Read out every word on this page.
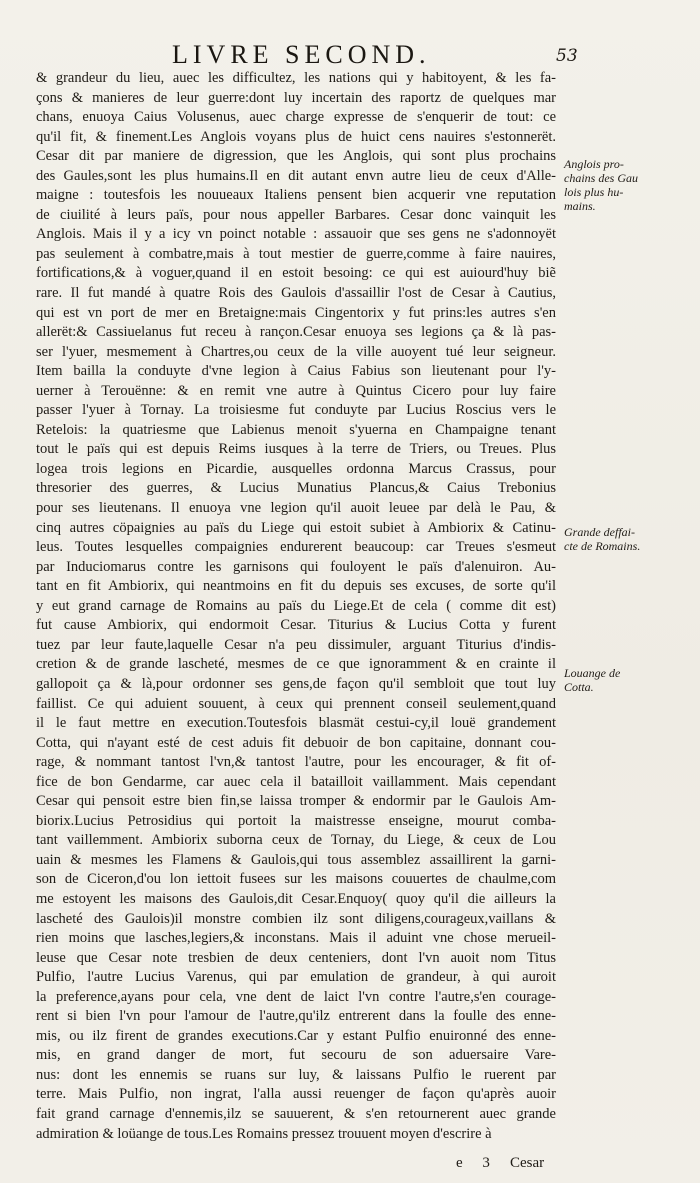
LIVRE SECOND.	53
& grandeur du lieu, auec les difficultez, les nations qui y habitoyent, & les fa-
çons & manieres de leur guerre:dont luy incertain des raportz de quelques mar
chans, enuoya Caius Volusenus, auec charge expresse de s'enquerir de tout: ce
qu'il fit, & finement.Les Anglois voyans plus de huict cens nauires s'estonnerët.
Cesar dit par maniere de digression, que les Anglois, qui sont plus prochains
des Gaules,sont les plus humains.Il en dit autant envn autre lieu de ceux d'Alle-
maigne : toutesfois les nouueaux Italiens pensent bien acquerir vne reputation
de ciuilité à leurs païs, pour nous appeller Barbares. Cesar donc vainquit les
Anglois. Mais il y a icy vn poinct notable : assauoir que ses gens ne s'adonnoyët
pas seulement à combatre,mais à tout mestier de guerre,comme à faire nauires,
fortifications,& à voguer,quand il en estoit besoing: ce qui est auiourd'huy biẽ
rare. Il fut mandé à quatre Rois des Gaulois d'assaillir l'ost de Cesar à Cautius,
qui est vn port de mer en Bretaigne:mais Cingentorix y fut prins:les autres s'en
allerët:& Cassiuelanus fut receu à rançon.Cesar enuoya ses legions ça & là pas-
ser l'yuer, mesmement à Chartres,ou ceux de la ville auoyent tué leur seigneur.
Item bailla la conduyte d'vne legion à Caius Fabius son lieutenant pour l'y-
uerner à Terouënne: & en remit vne autre à Quintus Cicero pour luy faire
passer l'yuer à Tornay. La troisiesme fut conduyte par Lucius Roscius vers le
Retelois: la quatriesme que Labienus menoit s'yuerna en Champaigne tenant
tout le païs qui est depuis Reims iusques à la terre de Triers, ou Treues. Plus
logea trois legions en Picardie, ausquelles ordonna Marcus Crassus, pour
thresorier des guerres, & Lucius Munatius Plancus,& Caius Trebonius
pour ses lieutenans. Il enuoya vne legion qu'il auoit leuee par delà le Pau, &
cinq autres cöpaignies au païs du Liege qui estoit subiet à Ambiorix & Catinu-
leus. Toutes lesquelles compaignies endurerent beaucoup: car Treues s'esmeut
par Induciomarus contre les garnisons qui fouloyent le païs d'alenuiron. Au-
tant en fit Ambiorix, qui neantmoins en fit du depuis ses excuses, de sorte qu'il
y eut grand carnage de Romains au païs du Liege.Et de cela ( comme dit est)
fut cause Ambiorix, qui endormoit Cesar. Titurius & Lucius Cotta y furent
tuez par leur faute,laquelle Cesar n'a peu dissimuler, arguant Titurius d'indis-
cretion & de grande lascheté, mesmes de ce que ignoramment & en crainte il
gallopoit ça & là,pour ordonner ses gens,de façon qu'il sembloit que tout luy
faillist. Ce qui aduient souuent, à ceux qui prennent conseil seulement,quand
il le faut mettre en execution.Toutesfois blasmät cestui-cy,il louë grandement
Cotta, qui n'ayant esté de cest aduis fit debuoir de bon capitaine, donnant cou-
rage, & nommant tantost l'vn,& tantost l'autre, pour les encourager, & fit of-
fice de bon Gendarme, car auec cela il batailloit vaillamment. Mais cependant
Cesar qui pensoit estre bien fin,se laissa tromper & endormir par le Gaulois Am-
biorix.Lucius Petrosidius qui portoit la maistresse enseigne, mourut comba-
tant vaillemment. Ambiorix suborna ceux de Tornay, du Liege, & ceux de Lou
uain & mesmes les Flamens & Gaulois,qui tous assemblez assaillirent la garni-
son de Ciceron,d'ou lon iettoit fusees sur les maisons couuertes de chaulme,com
me estoyent les maisons des Gaulois,dit Cesar.Enquoy( quoy qu'il die ailleurs la
lascheté des Gaulois)il monstre combien ilz sont diligens,courageux,vaillans &
rien moins que lasches,legiers,& inconstans. Mais il aduint vne chose merueil-
leuse que Cesar note tresbien de deux centeniers, dont l'vn auoit nom Titus
Pulfio, l'autre Lucius Varenus, qui par emulation de grandeur, à qui auroit
la preference,ayans pour cela, vne dent de laict l'vn contre l'autre,s'en courage-
rent si bien l'vn pour l'amour de l'autre,qu'ilz entrerent dans la foulle des enne-
mis, ou ilz firent de grandes executions.Car y estant Pulfio enuironné des enne-
mis, en grand danger de mort, fut secouru de son aduersaire Vare-
nus: dont les ennemis se ruans sur luy, & laissans Pulfio le ruerent par
terre. Mais Pulfio, non ingrat, l'alla aussi reuenger de façon qu'après auoir
fait grand carnage d'ennemis,ilz se sauuerent, & s'en retournerent auec grande
admiration & loüange de tous.Les Romains pressez trouuent moyen d'escrire à
Anglois pro-
chains des Gau
lois plus hu-
mains.
Grande deffai-
cte de Romains.
Louange de
Cotta.
e 3 Cesar
